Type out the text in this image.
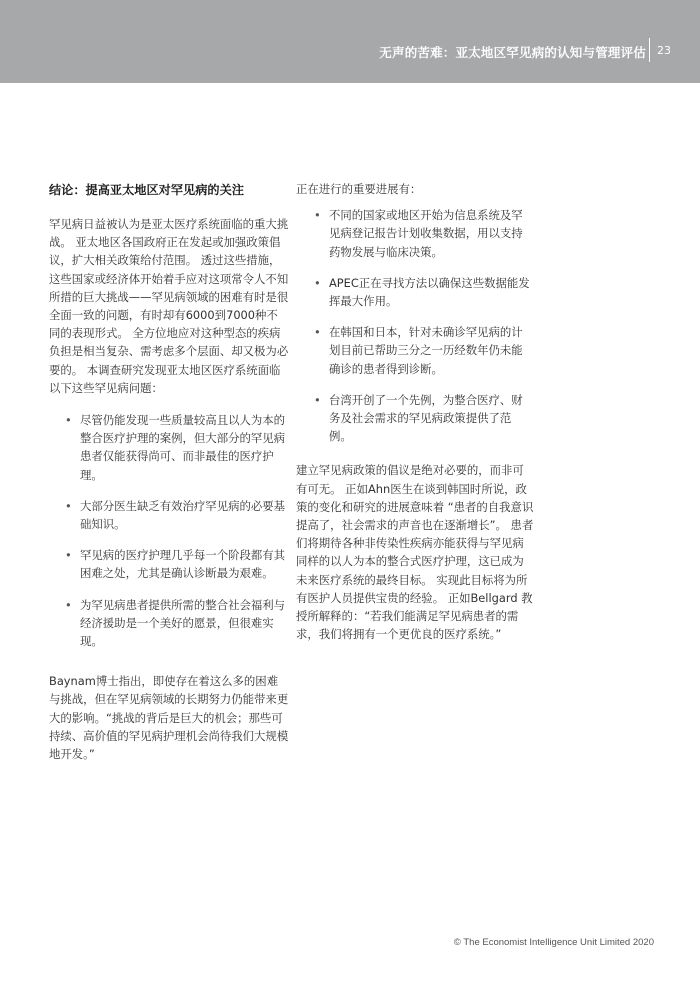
无声的苦难：亚太地区罕见病的认知与管理评估 23
结论：提高亚太地区对罕见病的关注

罕见病日益被认为是亚太医疗系统面临的重大挑战。 亚太地区各国政府正在发起或加强政策倡议，扩大相关政策给付范围。 透过这些措施，这些国家或经济体开始着手应对这项常令人不知所措的巨大挑战——罕见病领域的困难有时是很全面一致的问题，有时却有6000到7000种不同的表现形式。 全方位地应对这种型态的疾病负担是相当复杂、需考虑多个层面、却又极为必要的。 本调查研究发现亚太地区医疗系统面临以下这些罕见病问题：

• 尽管仍能发现一些质量较高且以人为本的整合医疗护理的案例，但大部分的罕见病患者仅能获得尚可、而非最佳的医疗护理。
• 大部分医生缺乏有效治疗罕见病的必要基础知识。
• 罕见病的医疗护理几乎每一个阶段都有其困难之处，尤其是确认诊断最为艰难。
• 为罕见病患者提供所需的整合社会福利与经济援助是一个美好的愿景，但很难实现。

Baynam博士指出，即使存在着这么多的困难与挑战，但在罕见病领域的长期努力仍能带来更大的影响。“挑战的背后是巨大的机会；那些可持续、高价值的罕见病护理机会尚待我们大规模地开发。”

正在进行的重要进展有：

• 不同的国家或地区开始为信息系统及罕见病登记报告计划收集数据，用以支持药物发展与临床决策。
• APEC正在寻找方法以确保这些数据能发挥最大作用。
• 在韩国和日本，针对未确诊罕见病的计划目前已帮助三分之一历经数年仍未能确诊的患者得到诊断。
• 台湾开创了一个先例，为整合医疗、财务及社会需求的罕见病政策提供了范例。

建立罕见病政策的倡议是绝对必要的，而非可有可无。 正如Ahn医生在谈到韩国时所说，政策的变化和研究的进展意味着 “患者的自我意识提高了，社会需求的声音也在逐渐增长”。 患者们将期待各种非传染性疾病亦能获得与罕见病同样的以人为本的整合式医疗护理，这已成为未来医疗系统的最终目标。 实现此目标将为所有医护人员提供宝贵的经验。 正如Bellgard 教授所解释的：“若我们能满足罕见病患者的需求，我们将拥有一个更优良的医疗系统。”

© The Economist Intelligence Unit Limited 2020
